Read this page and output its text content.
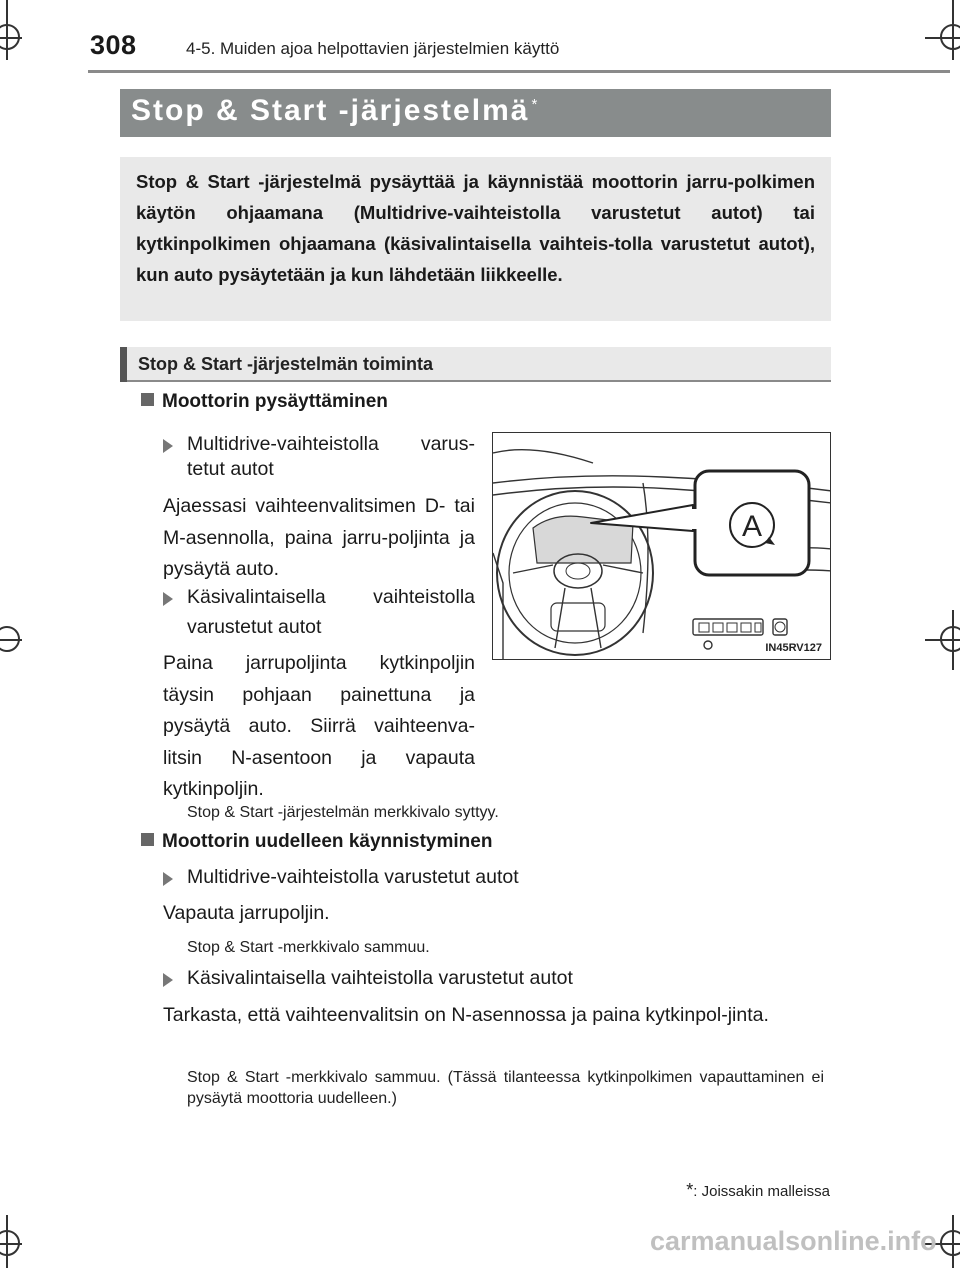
308	4-5. Muiden ajoa helpottavien järjestelmien käyttö
Stop & Start -järjestelmä *
Stop & Start -järjestelmä pysäyttää ja käynnistää moottorin jarru-polkimen käytön ohjaamana (Multidrive-vaihteistolla varustetut autot) tai kytkinpolkimen ohjaamana (käsivalintaisella vaihteis-tolla varustetut autot), kun auto pysäytetään ja kun lähdetään liikkeelle.
Stop & Start -järjestelmän toiminta
Moottorin pysäyttäminen
Multidrive-vaihteistolla varus-
tetut autot
Ajaessasi vaihteenvalitsimen D- tai M-asennolla, paina jarru-poljinta ja pysäytä auto.
Käsivalintaisella vaihteistolla
varustetut autot
Paina jarrupoljinta kytkinpoljin täysin pohjaan painettuna ja pysäytä auto. Siirrä vaihteenva-litsin N-asentoon ja vapauta kytkinpoljin.
Stop & Start -järjestelmän merkkivalo syttyy.
A
IN45RV127
Moottorin uudelleen käynnistyminen
Multidrive-vaihteistolla varustetut autot
Vapauta jarrupoljin.
Stop & Start -merkkivalo sammuu.
Käsivalintaisella vaihteistolla varustetut autot
Tarkasta, että vaihteenvalitsin on N-asennossa ja paina kytkinpol-jinta.
Stop & Start -merkkivalo sammuu. (Tässä tilanteessa kytkinpolkimen vapauttaminen ei pysäytä moottoria uudelleen.)
*: Joissakin malleissa
carmanualsonline.info
